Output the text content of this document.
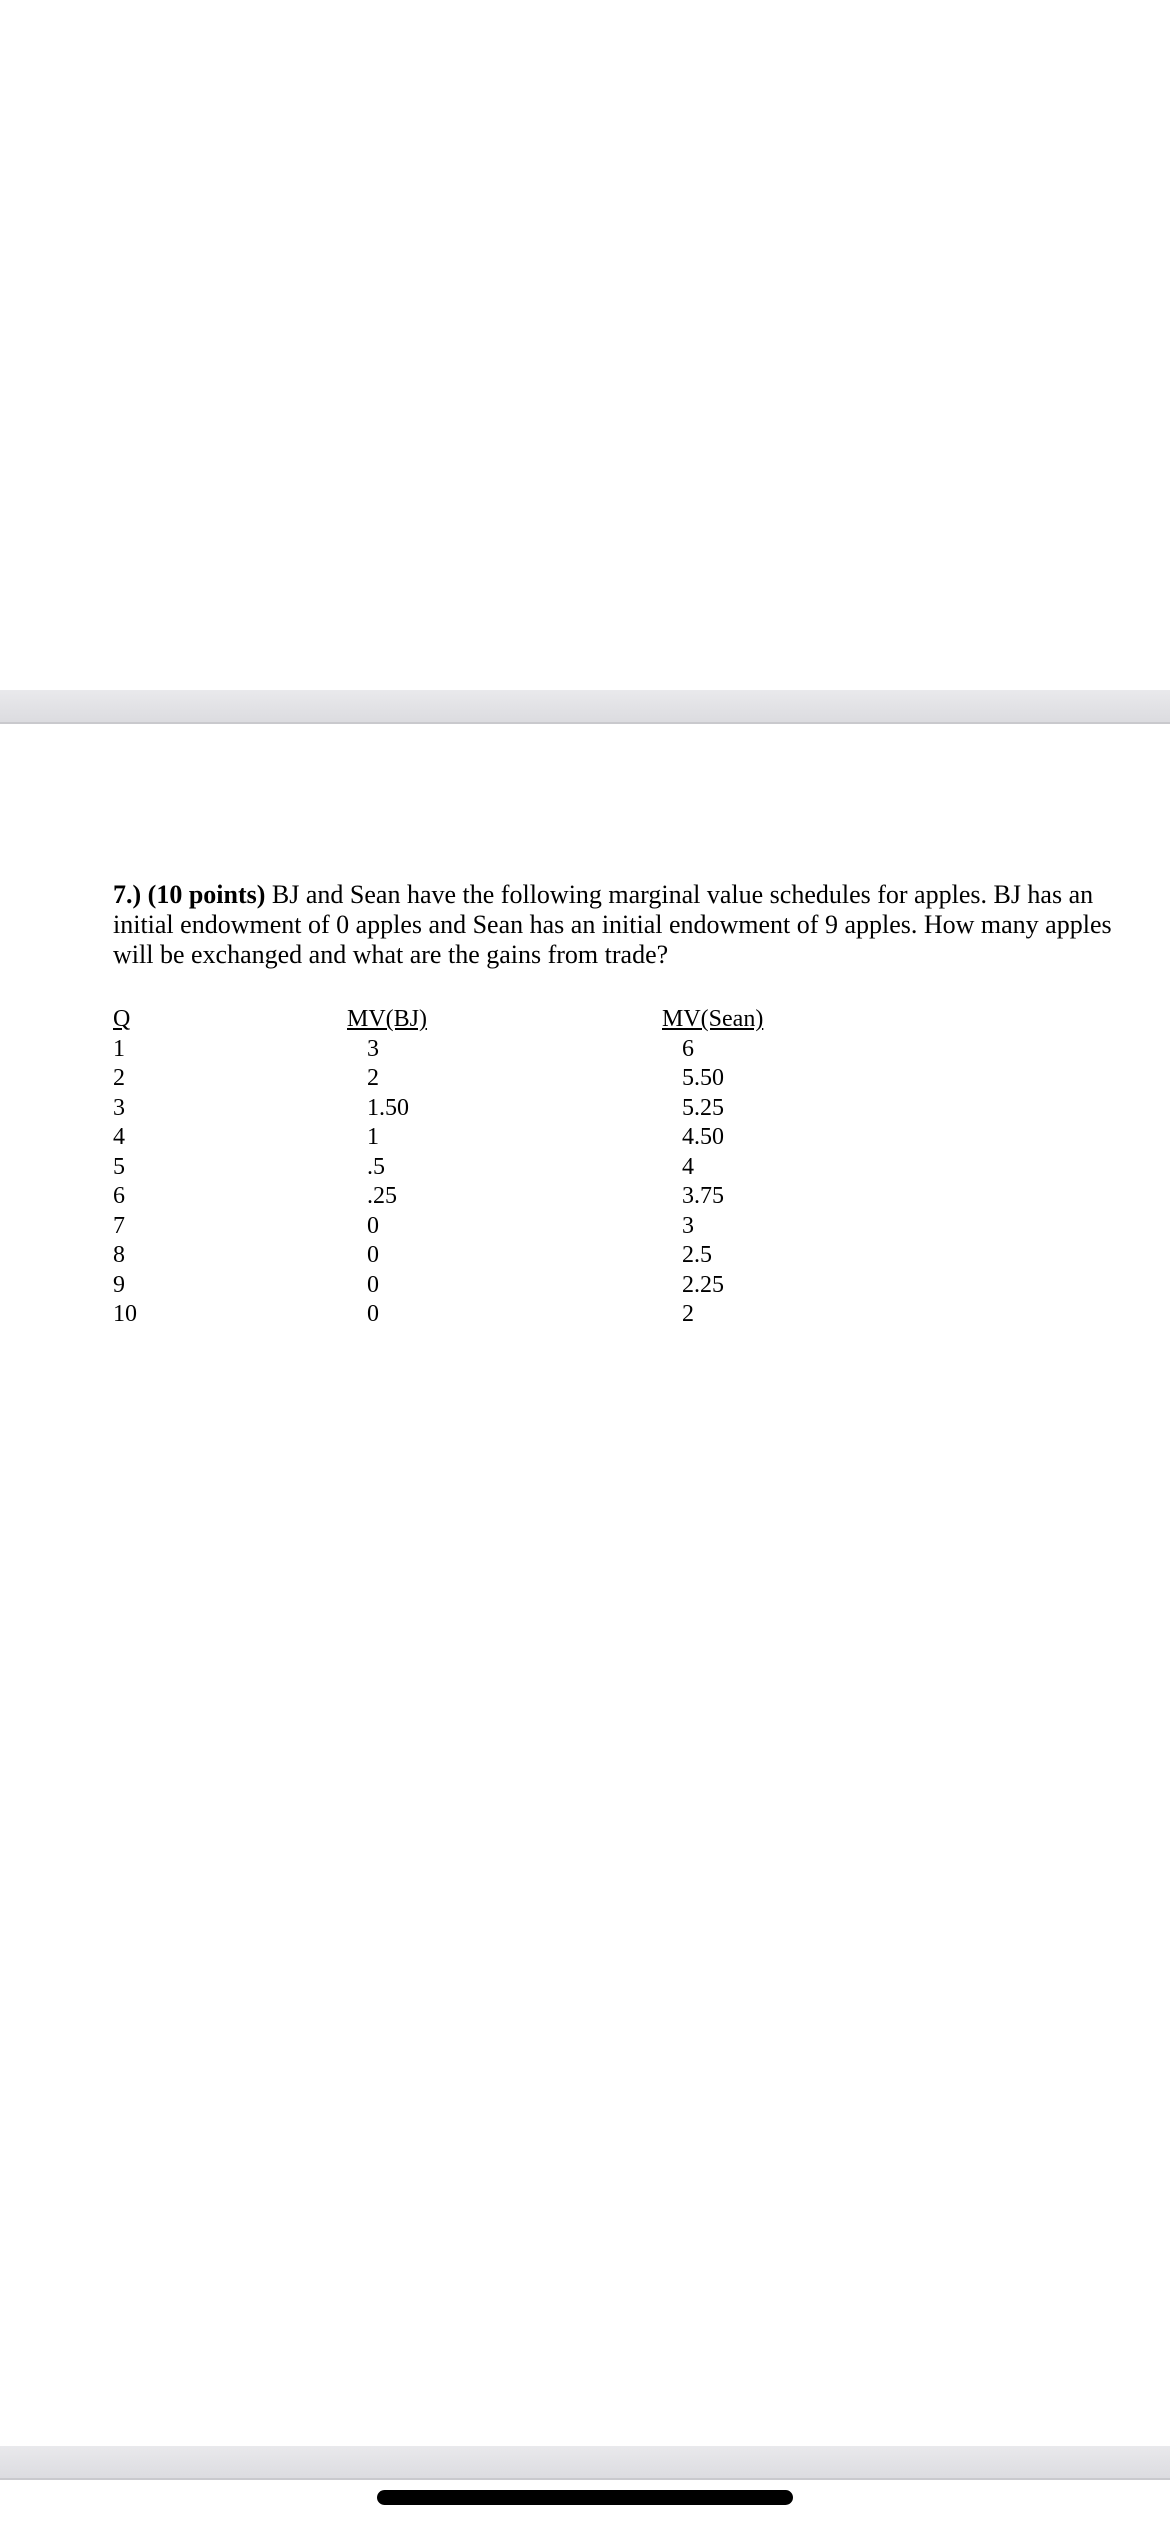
7.) (10 points) BJ and Sean have the following marginal value schedules for apples. BJ has an initial endowment of 0 apples and Sean has an initial endowment of 9 apples. How many apples will be exchanged and what are the gains from trade?
Q	MV(BJ)	MV(Sean)
1	3	6
2	2	5.50
3	1.50	5.25
4	1	4.50
5	.5	4
6	.25	3.75
7	0	3
8	0	2.5
9	0	2.25
10	0	2
